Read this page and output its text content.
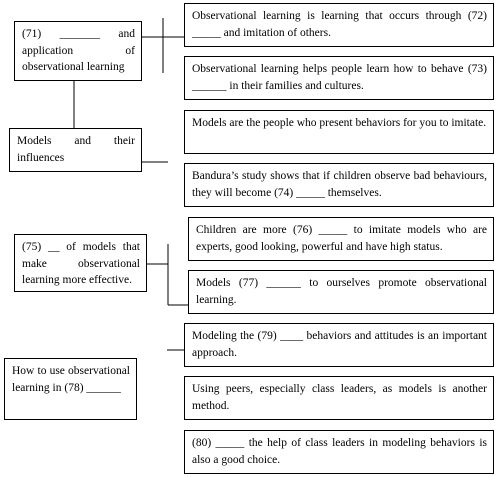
(71) _______ and application of observational learning
Models and their influences
(75) __ of models that make observational learning more effective.
How to use observational learning in (78) ______
Observational learning is learning that occurs through (72) _____ and imitation of others.
Observational learning helps people learn how to behave (73) ______ in their families and cultures.
Models are the people who present behaviors for you to imitate.
Bandura’s study shows that if children observe bad behaviours, they will become (74) _____ themselves.
Children are more (76) _____ to imitate models who are experts, good looking, powerful and have high status.
Models (77) ______ to ourselves promote observational learning.
Modeling the (79) ____ behaviors and attitudes is an important approach.
Using peers, especially class leaders, as models is another method.
(80) _____ the help of class leaders in modeling behaviors is also a good choice.
